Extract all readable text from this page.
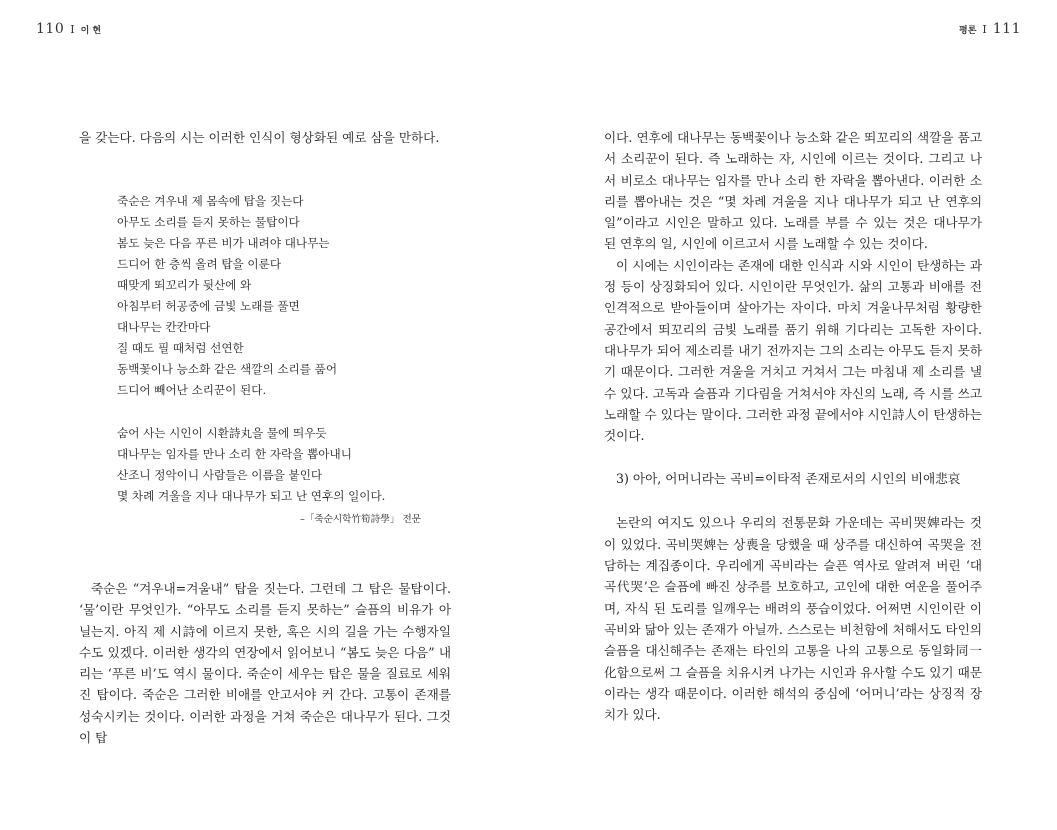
110 I 이 현	평론 I 111

을 갖는다. 다음의 시는 이러한 인식이 형상화된 예로 삼을 만하다.

죽순은 겨우내 제 몸속에 탑을 짓는다

아무도 소리를 듣지 못하는 물탑이다

봄도 늦은 다음 푸른 비가 내려야 대나무는

드디어 한 층씩 올려 탑을 이룬다

때맞게 뙤꼬리가 뒷산에 와

아침부터 허공중에 금빛 노래를 풀면

대나무는 칸칸마다

질 때도 필 때처럼 선연한

동백꽃이나 능소화 같은 색깔의 소리를 품어

드디어 빼어난 소리꾼이 된다.

숨어 사는 시인이 시환詩丸을 물에 띄우듯

대나무는 임자를 만나 소리 한 자락을 뽑아내니

산조니 정악이니 사람들은 이름을 붙인다

몇 차례 겨울을 지나 대나무가 되고 난 연후의 일이다.

–「죽순시학竹筍詩學」 전문

죽순은 “겨우내=겨울내” 탑을 짓는다. 그런데 그 탑은 물탑이다. ‘물’이란 무엇인가. “아무도 소리를 듣지 못하는” 슬픔의 비유가 아닐는지. 아직 제 시詩에 이르지 못한, 혹은 시의 길을 가는 수행자일 수도 있겠다. 이러한 생각의 연장에서 읽어보니 “봄도 늦은 다음” 내리는 ‘푸른 비’도 역시 물이다. 죽순이 세우는 탑은 물을 질료로 세워진 탑이다. 죽순은 그러한 비애를 안고서야 커 간다. 고통이 존재를 성숙시키는 것이다. 이러한 과정을 거쳐 죽순은 대나무가 된다. 그것이 탑

이다. 연후에 대나무는 동백꽃이나 능소화 같은 뙤꼬리의 색깔을 품고서 소리꾼이 된다. 즉 노래하는 자, 시인에 이르는 것이다. 그리고 나서 비로소 대나무는 임자를 만나 소리 한 자락을 뽑아낸다. 이러한 소리를 뽑아내는 것은 “몇 차례 겨울을 지나 대나무가 되고 난 연후의 일”이라고 시인은 말하고 있다. 노래를 부를 수 있는 것은 대나무가 된 연후의 일, 시인에 이르고서 시를 노래할 수 있는 것이다.

이 시에는 시인이라는 존재에 대한 인식과 시와 시인이 탄생하는 과정 등이 상징화되어 있다. 시인이란 무엇인가. 삶의 고통과 비애를 전인격적으로 받아들이며 살아가는 자이다. 마치 겨울나무처럼 황량한 공간에서 뙤꼬리의 금빛 노래를 품기 위해 기다리는 고독한 자이다. 대나무가 되어 제소리를 내기 전까지는 그의 소리는 아무도 듣지 못하기 때문이다. 그러한 겨울을 거치고 거쳐서 그는 마침내 제 소리를 낼 수 있다. 고독과 슬픔과 기다림을 거쳐서야 자신의 노래, 즉 시를 쓰고 노래할 수 있다는 말이다. 그러한 과정 끝에서야 시인詩人이 탄생하는 것이다.

3) 아아, 어머니라는 곡비=이타적 존재로서의 시인의 비애悲哀

논란의 여지도 있으나 우리의 전통문화 가운데는 곡비哭婢라는 것이 있었다. 곡비哭婢는 상喪을 당했을 때 상주를 대신하여 곡哭을 전담하는 계집종이다. 우리에게 곡비라는 슬픈 역사로 알려져 버린 ‘대곡代哭’은 슬픔에 빠진 상주를 보호하고, 고인에 대한 여운을 풀어주며, 자식 된 도리를 일깨우는 배려의 풍습이었다. 어쩌면 시인이란 이 곡비와 닮아 있는 존재가 아닐까. 스스로는 비천함에 처해서도 타인의 슬픔을 대신해주는 존재는 타인의 고통을 나의 고통으로 동일화同一化함으로써 그 슬픔을 치유시켜 나가는 시인과 유사할 수도 있기 때문이라는 생각 때문이다. 이러한 해석의 중심에 ‘어머니’라는 상징적 장치가 있다.
